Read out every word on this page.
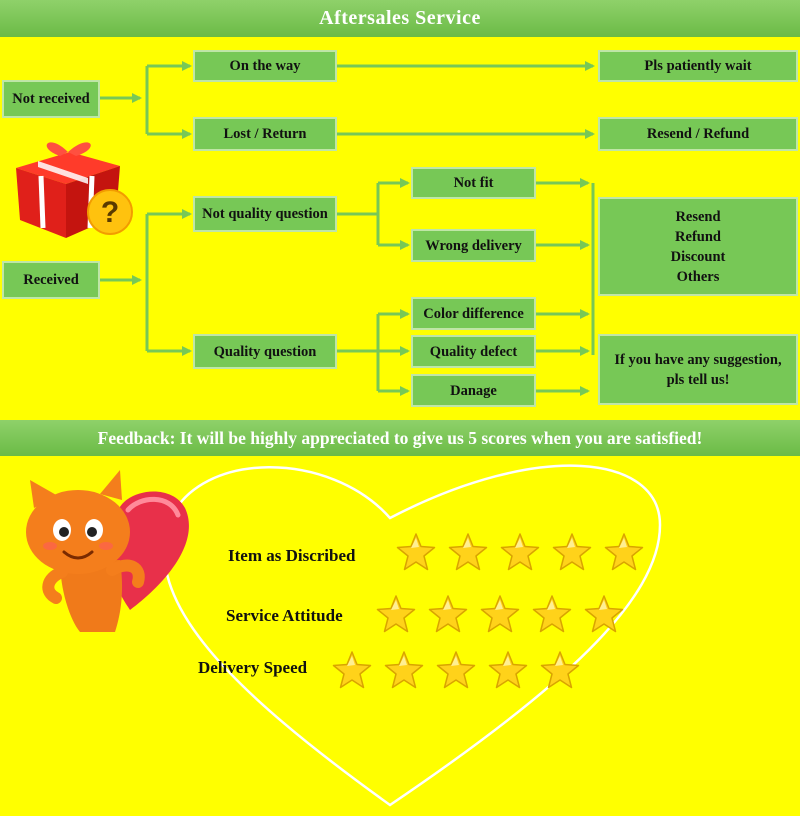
Aftersales Service
?
Not received
On the way
Lost / Return
Pls patiently wait
Resend / Refund
Received
Not quality question
Quality question
Not fit
Wrong delivery
Color difference
Quality defect
Danage
Resend
Refund
Discount
Others
If you have any suggestion,
pls tell us!
Feedback: It will be highly appreciated to give us 5 scores when you are satisfied!
Item as Discribed
Service Attitude
Delivery Speed
